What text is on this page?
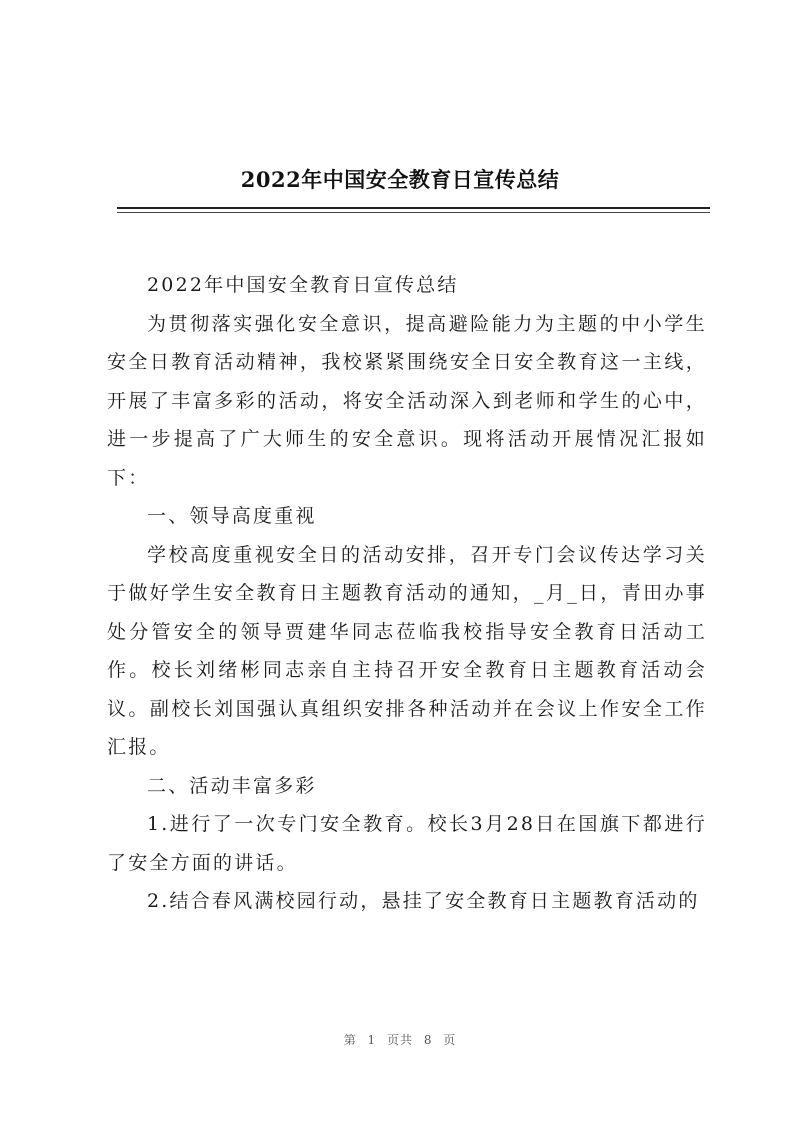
2022年中国安全教育日宣传总结

2022年中国安全教育日宣传总结

为贯彻落实强化安全意识，提高避险能力为主题的中小学生安全日教育活动精神，我校紧紧围绕安全日安全教育这一主线，开展了丰富多彩的活动，将安全活动深入到老师和学生的心中，进一步提高了广大师生的安全意识。现将活动开展情况汇报如下：

一、领导高度重视

学校高度重视安全日的活动安排，召开专门会议传达学习关于做好学生安全教育日主题教育活动的通知，_月_日，青田办事处分管安全的领导贾建华同志莅临我校指导安全教育日活动工作。校长刘绪彬同志亲自主持召开安全教育日主题教育活动会议。副校长刘国强认真组织安排各种活动并在会议上作安全工作汇报。

二、活动丰富多彩

1.进行了一次专门安全教育。校长3月28日在国旗下都进行了安全方面的讲话。

2.结合春风满校园行动，悬挂了安全教育日主题教育活动的

第 1 页共 8 页
